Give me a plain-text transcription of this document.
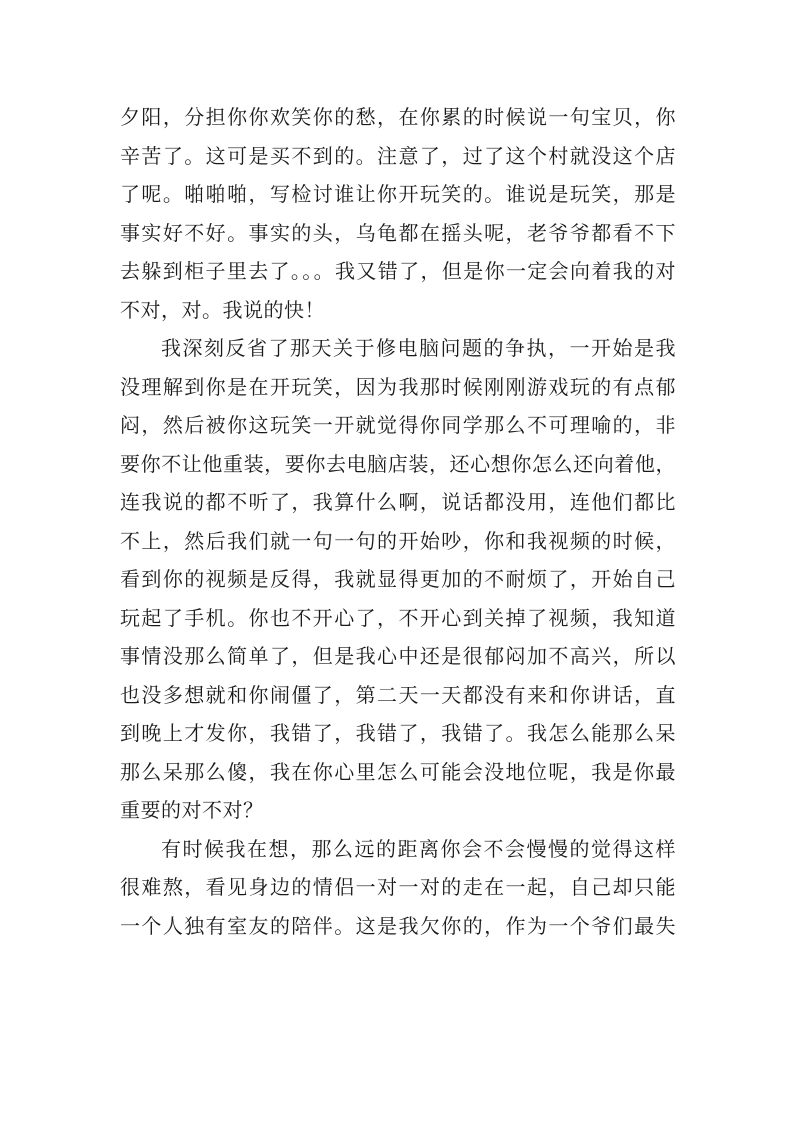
夕阳，分担你你欢笑你的愁，在你累的时候说一句宝贝，你
辛苦了。这可是买不到的。注意了，过了这个村就没这个店
了呢。啪啪啪，写检讨谁让你开玩笑的。谁说是玩笑，那是
事实好不好。事实的头，乌龟都在摇头呢，老爷爷都看不下
去躲到柜子里去了。。。我又错了，但是你一定会向着我的对
不对，对。我说的快！
我深刻反省了那天关于修电脑问题的争执，一开始是我
没理解到你是在开玩笑，因为我那时候刚刚游戏玩的有点郁
闷，然后被你这玩笑一开就觉得你同学那么不可理喻的，非
要你不让他重装，要你去电脑店装，还心想你怎么还向着他，
连我说的都不听了，我算什么啊，说话都没用，连他们都比
不上，然后我们就一句一句的开始吵，你和我视频的时候，
看到你的视频是反得，我就显得更加的不耐烦了，开始自己
玩起了手机。你也不开心了，不开心到关掉了视频，我知道
事情没那么简单了，但是我心中还是很郁闷加不高兴，所以
也没多想就和你闹僵了，第二天一天都没有来和你讲话，直
到晚上才发你，我错了，我错了，我错了。我怎么能那么呆
那么呆那么傻，我在你心里怎么可能会没地位呢，我是你最
重要的对不对？
有时候我在想，那么远的距离你会不会慢慢的觉得这样
很难熬，看见身边的情侣一对一对的走在一起，自己却只能
一个人独有室友的陪伴。这是我欠你的，作为一个爷们最失
